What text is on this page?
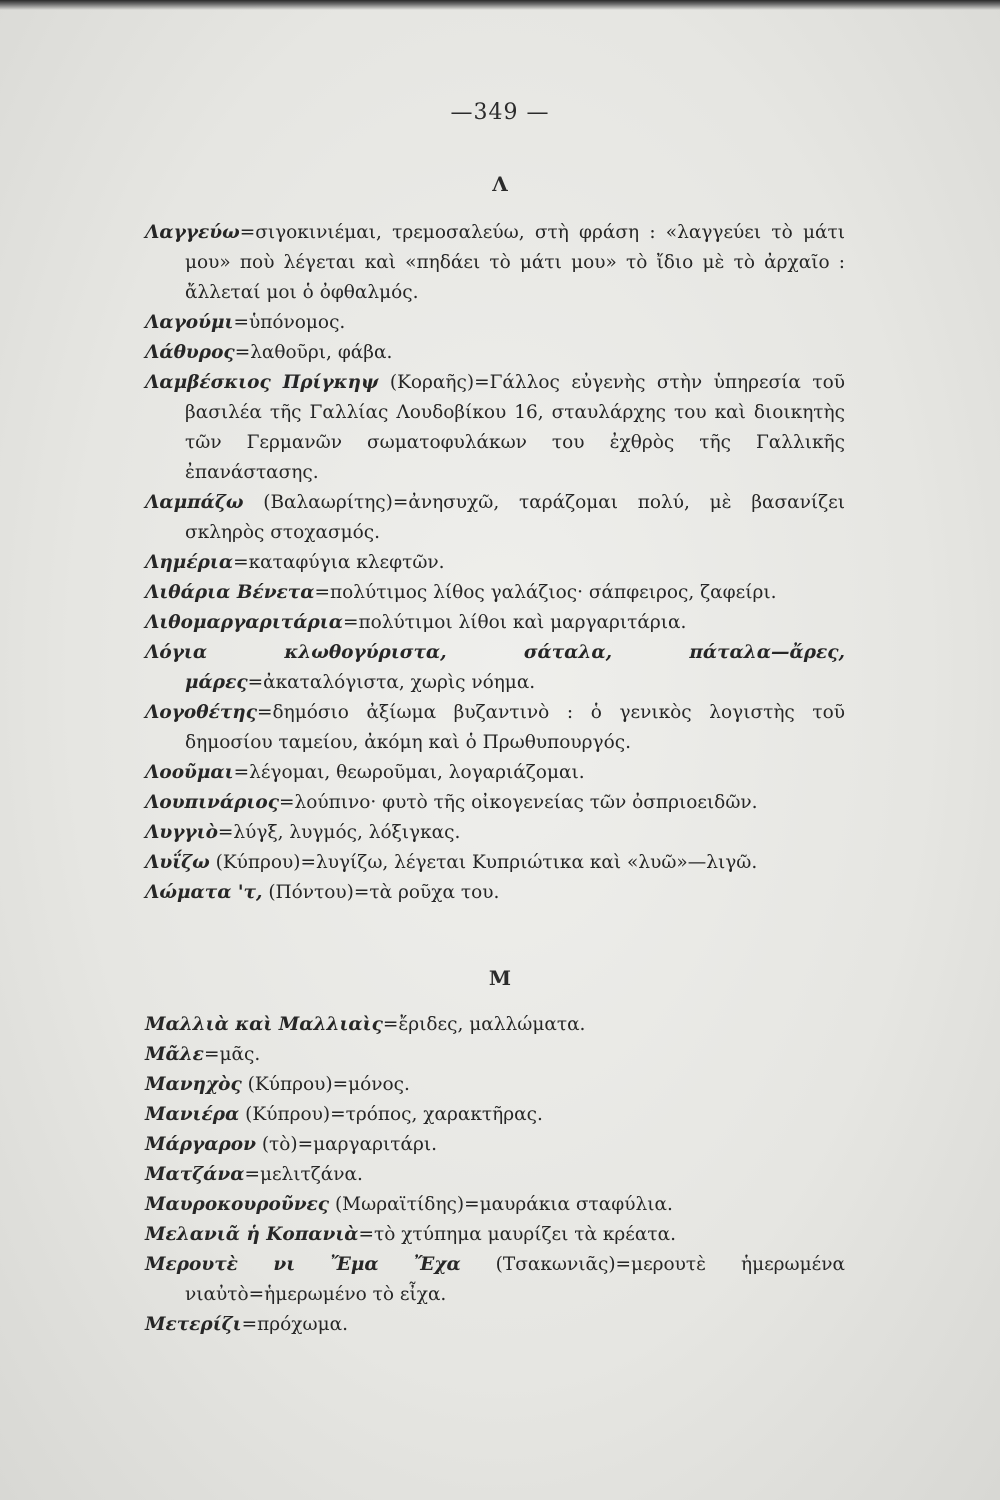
—349 —
Λ

Λαγγεύω=σιγοκινιέμαι, τρεμοσαλεύω, στὴ φράση : «λαγγεύει τὸ μάτι μου» ποὺ λέγεται καὶ «πηδάει τὸ μάτι μου» τὸ ἴδιο μὲ τὸ ἀρχαῖο : ἄλλεταί μοι ὁ ὀφθαλμός.

Λαγούμι=ὑπόνομος.

Λάθυρος=λαθοῦρι, φάβα.

Λαμβέσκιος Πρίγκηψ (Κοραῆς)=Γάλλος εὐγενὴς στὴν ὑπηρεσία τοῦ βασιλέα τῆς Γαλλίας Λουδοβίκου 16, σταυλάρχης του καὶ διοικητὴς τῶν Γερμανῶν σωματοφυλάκων του ἐχθρὸς τῆς Γαλλικῆς ἐπανάστασης.

Λαμπάζω (Βαλαωρίτης)=ἀνησυχῶ, ταράζομαι πολύ, μὲ βασανίζει σκληρὸς στοχασμός.

Λημέρια=καταφύγια κλεφτῶν.

Λιθάρια Βένετα=πολύτιμος λίθος γαλάζιος· σάπφειρος, ζαφείρι.

Λιθομαργαριτάρια=πολύτιμοι λίθοι καὶ μαργαριτάρια.

Λόγια κλωθογύριστα, σάταλα, πάταλα—ἄρες, μάρες=ἀκαταλόγιστα, χωρὶς νόημα.

Λογοθέτης=δημόσιο ἀξίωμα βυζαντινὸ : ὁ γενικὸς λογιστὴς τοῦ δημοσίου ταμείου, ἀκόμη καὶ ὁ Πρωθυπουργός.

Λοοῦμαι=λέγομαι, θεωροῦμαι, λογαριάζομαι.

Λουπινάριος=λούπινο· φυτὸ τῆς οἰκογενείας τῶν ὀσπριοειδῶν.

Λυγγιὸ=λύγξ, λυγμός, λόξιγκας.

Λυΐζω (Κύπρου)=λυγίζω, λέγεται Κυπριώτικα καὶ «λυῶ»—λιγῶ.

Λώματα 'τ, (Πόντου)=τὰ ροῦχα του.

Μ

Μαλλιὰ καὶ Μαλλιαὶς=ἔριδες, μαλλώματα.

Μᾶλε=μᾶς.

Μανηχὸς (Κύπρου)=μόνος.

Μανιέρα (Κύπρου)=τρόπος, χαρακτῆρας.

Μάργαρον (τὸ)=μαργαριτάρι.

Ματζάνα=μελιτζάνα.

Μαυροκουροῦνες (Μωραϊτίδης)=μαυράκια σταφύλια.

Μελανιᾶ ἡ Κοπανιὰ=τὸ χτύπημα μαυρίζει τὰ κρέατα.

Μερουτὲ νι Ἔμα Ἔχα (Τσακωνιᾶς)=μερουτὲ ἡμερωμένα νιαὐτὸ=ἡμερωμένο τὸ εἶχα.

Μετερίζι=πρόχωμα.
